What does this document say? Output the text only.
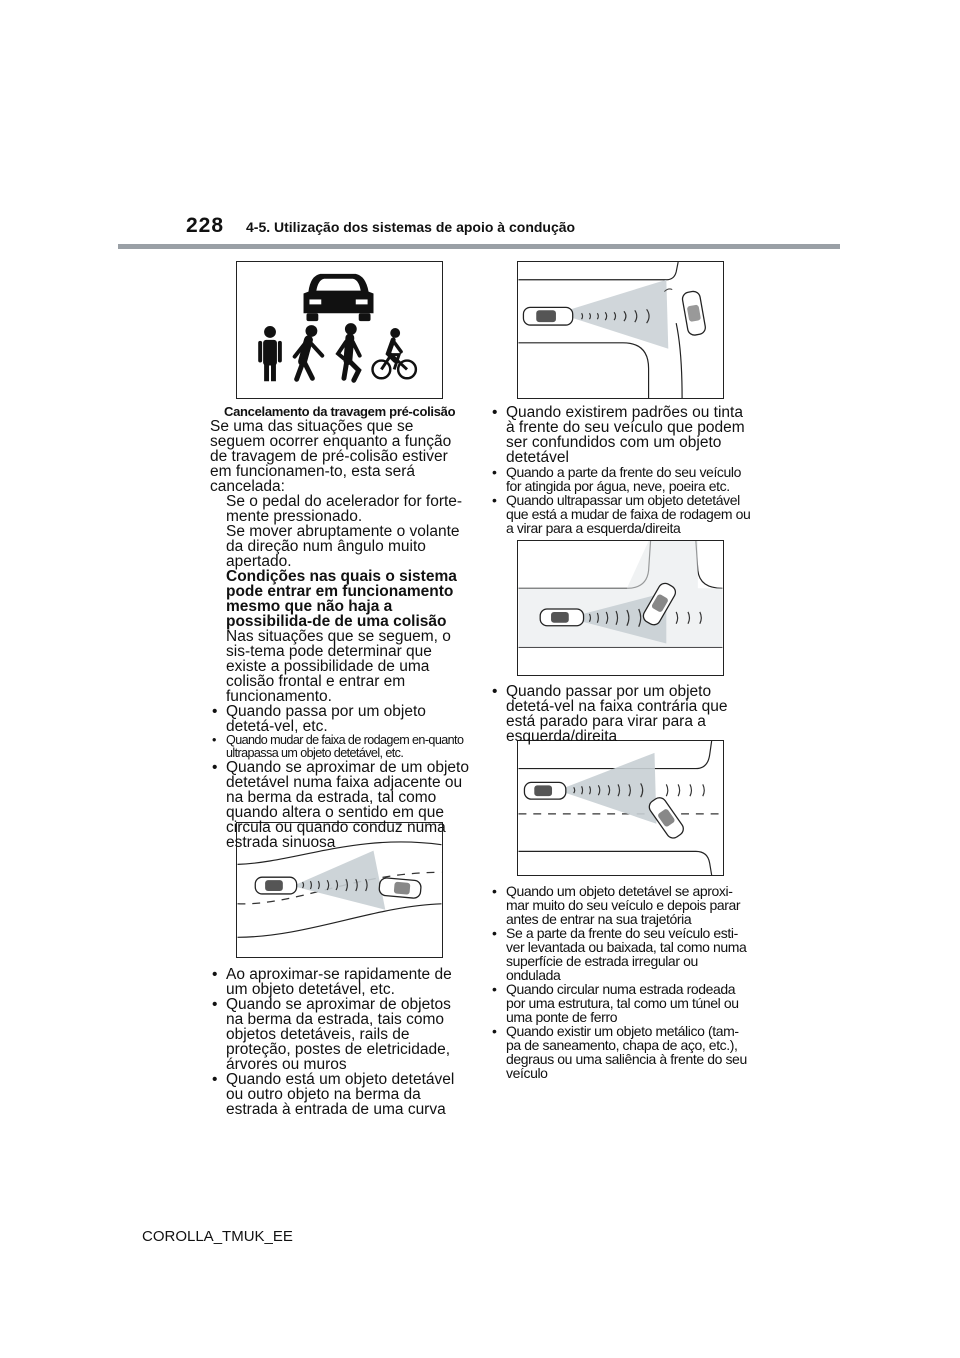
228 4-5. Utilização dos sistemas de apoio à condução

Cancelamento da travagem pré-colisão

Se uma das situações que se seguem ocorrer enquanto a função de travagem de pré-colisão estiver em funcionamen-to, esta será cancelada:

Se o pedal do acelerador for forte-mente pressionado.

Se mover abruptamente o volante da direção num ângulo muito apertado.

Condições nas quais o sistema pode entrar em funcionamento mesmo que não haja a possibilida-de de uma colisão

Nas situações que se seguem, o sis-tema pode determinar que existe a possibilidade de uma colisão frontal e entrar em funcionamento.

• Quando passa por um objeto detetá-vel, etc.
• Quando mudar de faixa de rodagem en-quanto ultrapassa um objeto detetável, etc.
• Quando se aproximar de um objeto detetável numa faixa adjacente ou na berma da estrada, tal como quando altera o sentido em que circula ou quando conduz numa estrada sinuosa
• Ao aproximar-se rapidamente de um objeto detetável, etc.
• Quando se aproximar de objetos na berma da estrada, tais como objetos detetáveis, rails de proteção, postes de eletricidade, árvores ou muros
• Quando está um objeto detetável ou outro objeto na berma da estrada à entrada de uma curva
• Quando existirem padrões ou tinta à frente do seu veículo que podem ser confundidos com um objeto detetável
• Quando a parte da frente do seu veículo for atingida por água, neve, poeira etc.
• Quando ultrapassar um objeto detetável que está a mudar de faixa de rodagem ou a virar para a esquerda/direita
• Quando passar por um objeto detetá-vel na faixa contrária que está parado para virar para a esquerda/direita
• Quando um objeto detetável se aproxi-mar muito do seu veículo e depois parar antes de entrar na sua trajetória
• Se a parte da frente do seu veículo esti-ver levantada ou baixada, tal como numa superfície de estrada irregular ou ondulada
• Quando circular numa estrada rodeada por uma estrutura, tal como um túnel ou uma ponte de ferro
• Quando existir um objeto metálico (tam-pa de saneamento, chapa de aço, etc.), degraus ou uma saliência à frente do seu veículo
COROLLA_TMUK_EE
